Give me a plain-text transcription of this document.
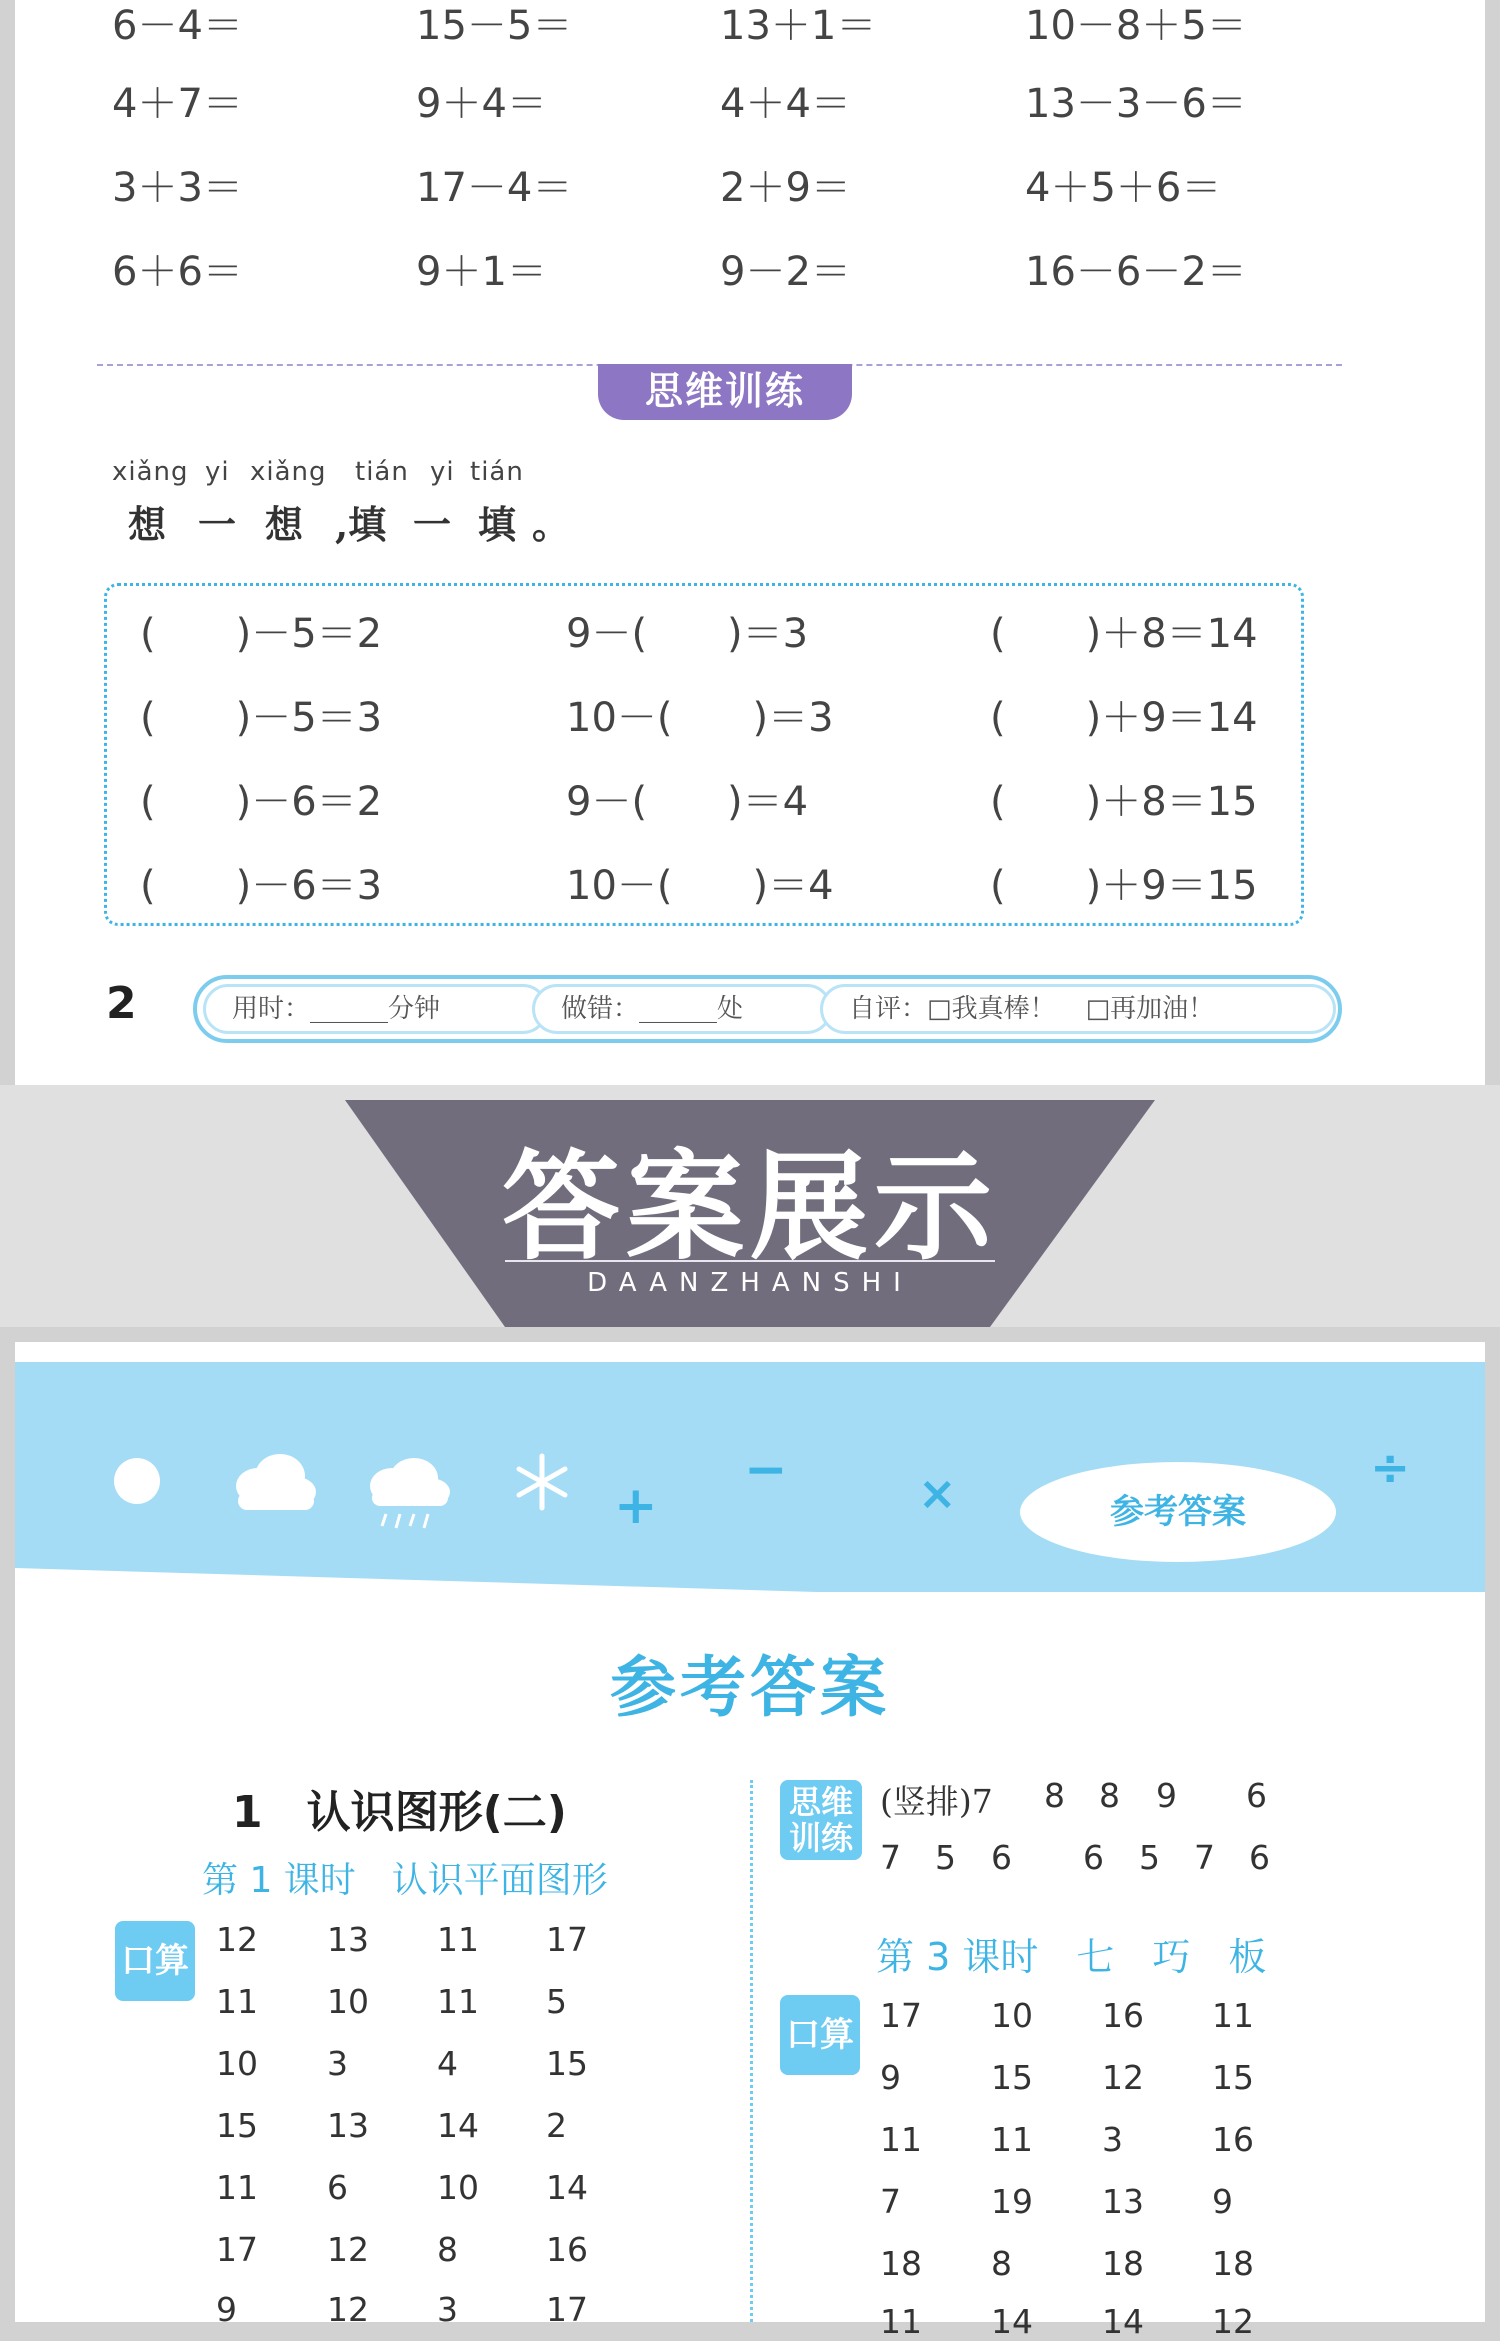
6－4＝	15－5＝	13＋1＝	10－8＋5＝
4＋7＝	9＋4＝	4＋4＝	13－3－6＝
3＋3＝	17－4＝	2＋9＝	4＋5＋6＝
6＋6＝	9＋1＝	9－2＝	16－6－2＝
思维训练
xiǎng yi xiǎng tián yi tián
想 一 想 ,填 一 填 。
(　　)－5＝2	9－(　　)＝3	(　　)＋8＝14
(　　)－5＝3	10－(　　)＝3	(　　)＋9＝14
(　　)－6＝2	9－(　　)＝4	(　　)＋8＝15
(　　)－6＝3	10－(　　)＝4	(　　)＋9＝15
2	用时：______分钟	做错：______处	自评：□我真棒！ □再加油！
答案展示
DAANZHANSHI
+
−	×	÷
参考答案
参考答案
1　认识图形(二)
第 1 课时　认识平面图形
口算
12 13 11 17
11 10 11 5
10 3	4	15
15 13 14 2
11 6	10 14
17 12 8	16
9	12 3	17
思维训练
(竖排)7 8 8 9 6
7 5 6 6 5 7 6
第 3 课时　七　巧　板
口算 17 10 16 11
9	15 12 15
11 11 3	16
7	19 13 9
18 8	18 18
11 14 14 12
